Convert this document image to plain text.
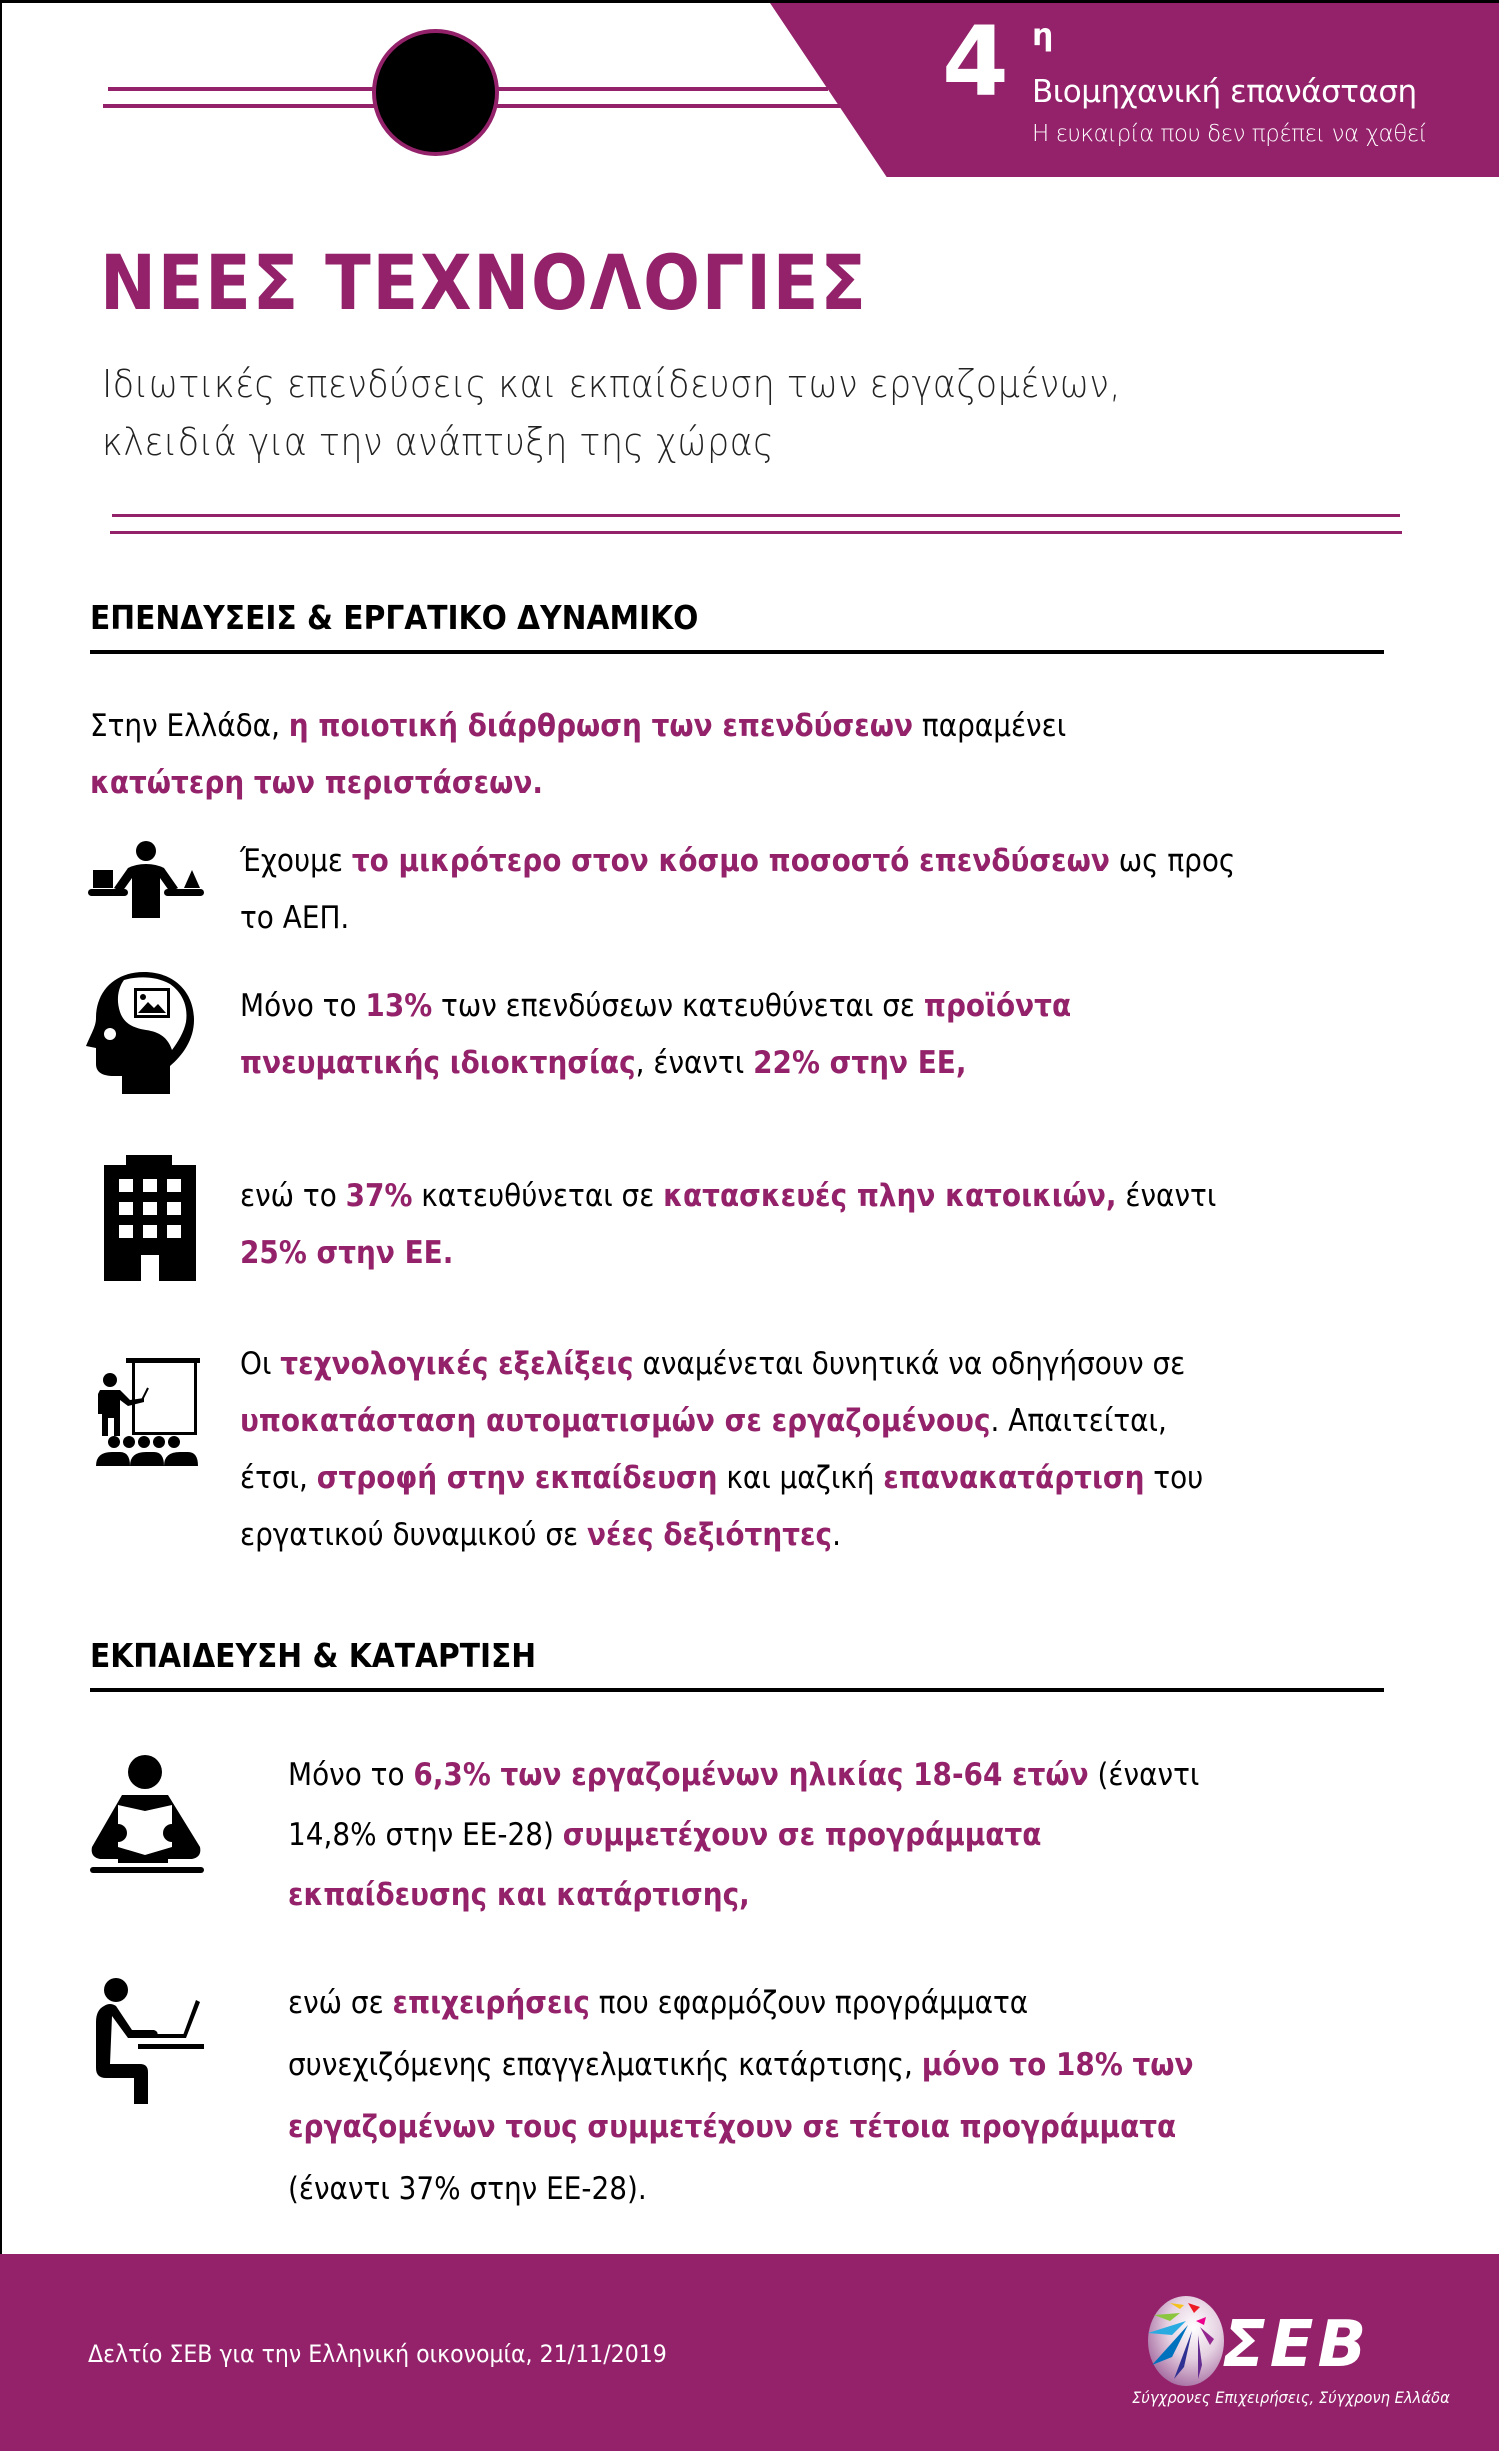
4 η
Βιομηχανική επανάσταση
Η ευκαιρία που δεν πρέπει να χαθεί
ΝΕΕΣ ΤΕΧΝΟΛΟΓΙΕΣ
Ιδιωτικές επενδύσεις και εκπαίδευση των εργαζομένων,
κλειδιά για την ανάπτυξη της χώρας
ΕΠΕΝΔΥΣΕΙΣ & ΕΡΓΑΤΙΚΟ ΔΥΝΑΜΙΚΟ
Στην Ελλάδα, η ποιοτική διάρθρωση των επενδύσεων παραμένει
κατώτερη των περιστάσεων.
Έχουμε το μικρότερο στον κόσμο ποσοστό επενδύσεων ως προς
το ΑΕΠ.
Μόνο το 13% των επενδύσεων κατευθύνεται σε προϊόντα
πνευματικής ιδιοκτησίας, έναντι 22% στην ΕΕ,
ενώ το 37% κατευθύνεται σε κατασκευές πλην κατοικιών, έναντι
25% στην ΕΕ.
Οι τεχνολογικές εξελίξεις αναμένεται δυνητικά να οδηγήσουν σε
υποκατάσταση αυτοματισμών σε εργαζομένους. Απαιτείται,
έτσι, στροφή στην εκπαίδευση και μαζική επανακατάρτιση του
εργατικού δυναμικού σε νέες δεξιότητες.
ΕΚΠΑΙΔΕΥΣΗ & ΚΑΤΑΡΤΙΣΗ
Μόνο το 6,3% των εργαζομένων ηλικίας 18-64 ετών (έναντι
14,8% στην ΕΕ-28) συμμετέχουν σε προγράμματα
εκπαίδευσης και κατάρτισης,
ενώ σε επιχειρήσεις που εφαρμόζουν προγράμματα
συνεχιζόμενης επαγγελματικής κατάρτισης, μόνο το 18% των
εργαζομένων τους συμμετέχουν σε τέτοια προγράμματα
(έναντι 37% στην ΕΕ-28).
Δελτίο ΣΕΒ για την Ελληνική οικονομία, 21/11/2019	ΣΕΒ
Σύγχρονες Επιχειρήσεις, Σύγχρονη Ελλάδα
